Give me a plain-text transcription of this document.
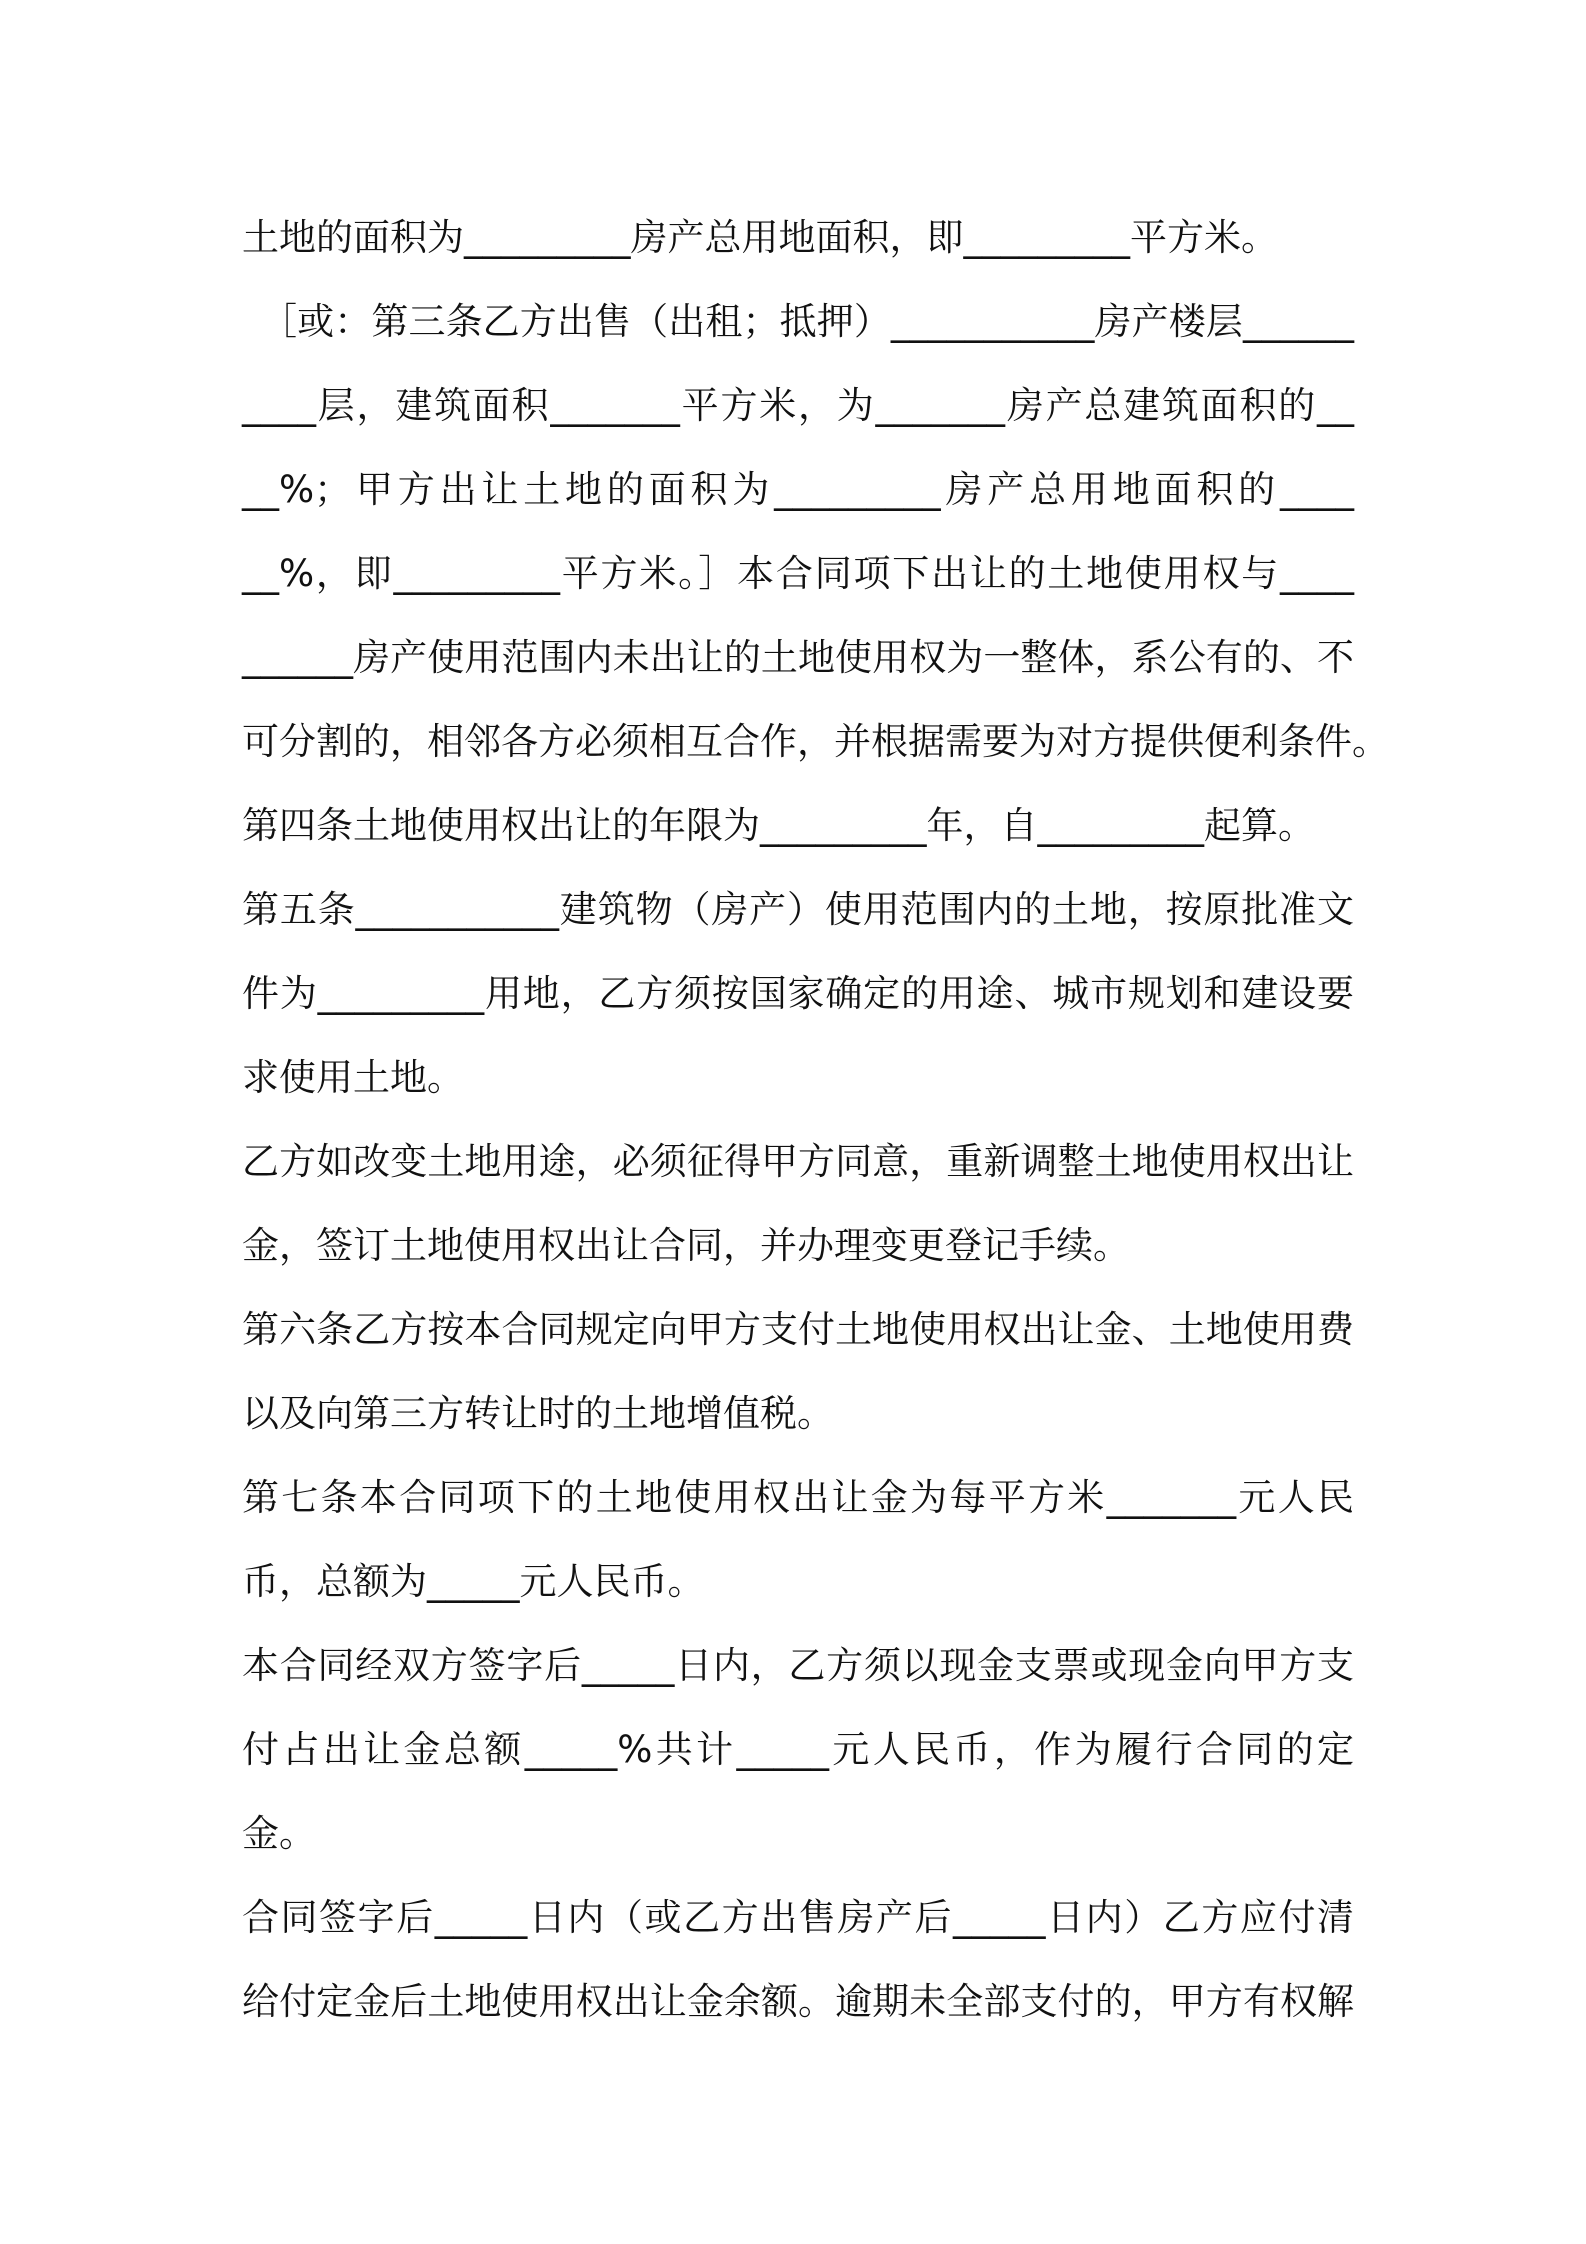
土地的面积为_________房产总用地面积，即_________平方米。
［或：第三条乙方出售（出租；抵押）___________房产楼层______
____层，建筑面积_______平方米，为_______房产总建筑面积的__
__%；甲方出让土地的面积为_________房产总用地面积的____
__%，即_________平方米。］本合同项下出让的土地使用权与____
______房产使用范围内未出让的土地使用权为一整体，系公有的、不
可分割的，相邻各方必须相互合作，并根据需要为对方提供便利条件。
第四条土地使用权出让的年限为_________年，自_________起算。
第五条___________建筑物（房产）使用范围内的土地，按原批准文
件为_________用地，乙方须按国家确定的用途、城市规划和建设要
求使用土地。
乙方如改变土地用途，必须征得甲方同意，重新调整土地使用权出让
金，签订土地使用权出让合同，并办理变更登记手续。
第六条乙方按本合同规定向甲方支付土地使用权出让金、土地使用费
以及向第三方转让时的土地增值税。
第七条本合同项下的土地使用权出让金为每平方米_______元人民
币，总额为_____元人民币。
本合同经双方签字后_____日内，乙方须以现金支票或现金向甲方支
付占出让金总额_____%共计_____元人民币，作为履行合同的定
金。
合同签字后_____日内（或乙方出售房产后_____日内）乙方应付清
给付定金后土地使用权出让金余额。逾期未全部支付的，甲方有权解
